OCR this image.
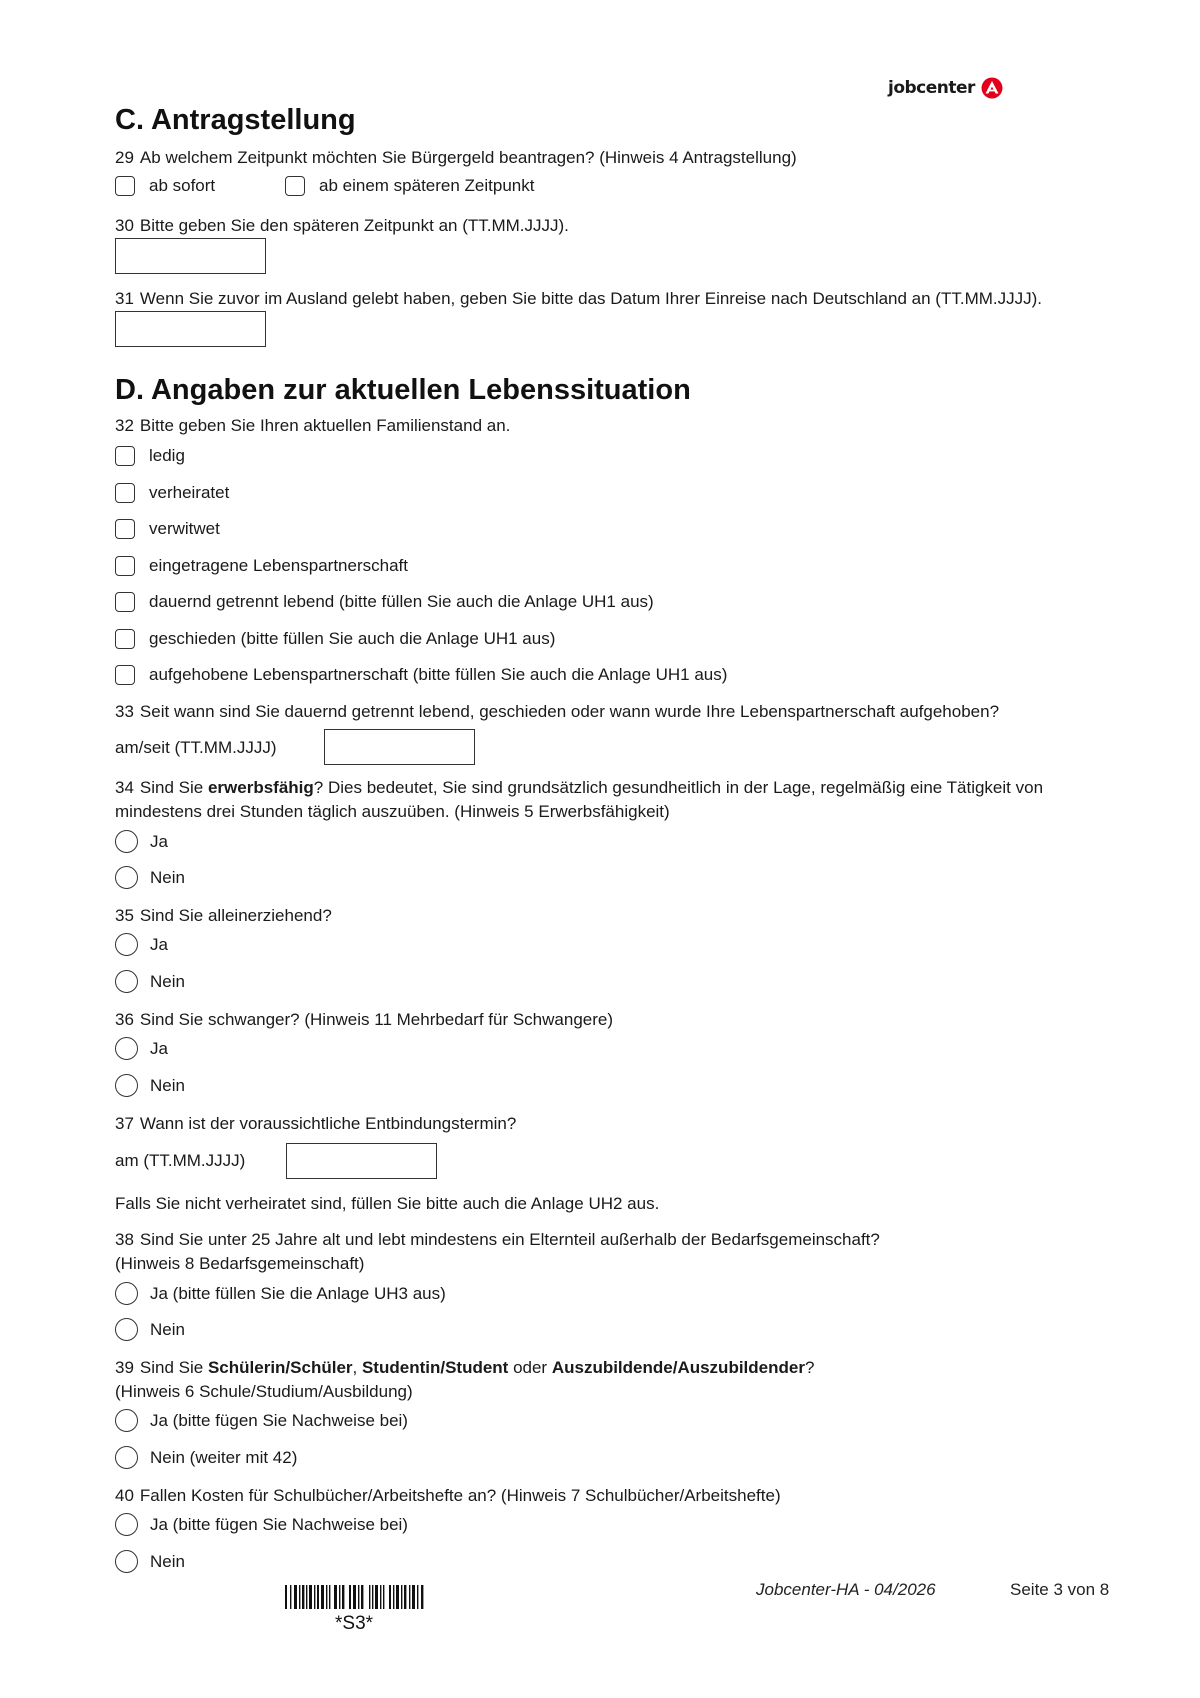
jobcenter
C. Antragstellung
29 Ab welchem Zeitpunkt möchten Sie Bürgergeld beantragen? (Hinweis 4 Antragstellung)
ab sofort	ab einem späteren Zeitpunkt
30 Bitte geben Sie den späteren Zeitpunkt an (TT.MM.JJJJ).
31 Wenn Sie zuvor im Ausland gelebt haben, geben Sie bitte das Datum Ihrer Einreise nach Deutschland an (TT.MM.JJJJ).
D. Angaben zur aktuellen Lebenssituation
32 Bitte geben Sie Ihren aktuellen Familienstand an.
ledig
verheiratet
verwitwet
eingetragene Lebenspartnerschaft
dauernd getrennt lebend (bitte füllen Sie auch die Anlage UH1 aus)
geschieden (bitte füllen Sie auch die Anlage UH1 aus)
aufgehobene Lebenspartnerschaft (bitte füllen Sie auch die Anlage UH1 aus)
33 Seit wann sind Sie dauernd getrennt lebend, geschieden oder wann wurde Ihre Lebenspartnerschaft aufgehoben?
am/seit (TT.MM.JJJJ)
34 Sind Sie erwerbsfähig? Dies bedeutet, Sie sind grundsätzlich gesundheitlich in der Lage, regelmäßig eine Tätigkeit von mindestens drei Stunden täglich auszuüben. (Hinweis 5 Erwerbsfähigkeit)
Ja
Nein
35 Sind Sie alleinerziehend?
Ja
Nein
36 Sind Sie schwanger? (Hinweis 11 Mehrbedarf für Schwangere)
Ja
Nein
37 Wann ist der voraussichtliche Entbindungstermin?
am (TT.MM.JJJJ)
Falls Sie nicht verheiratet sind, füllen Sie bitte auch die Anlage UH2 aus.
38 Sind Sie unter 25 Jahre alt und lebt mindestens ein Elternteil außerhalb der Bedarfsgemeinschaft?
(Hinweis 8 Bedarfsgemeinschaft)
Ja (bitte füllen Sie die Anlage UH3 aus)
Nein
39 Sind Sie Schülerin/Schüler, Studentin/Student oder Auszubildende/Auszubildender?
(Hinweis 6 Schule/Studium/Ausbildung)
Ja (bitte fügen Sie Nachweise bei)
Nein (weiter mit 42)
40 Fallen Kosten für Schulbücher/Arbeitshefte an? (Hinweis 7 Schulbücher/Arbeitshefte)
Ja (bitte fügen Sie Nachweise bei)
Nein
*S3*
Jobcenter-HA - 04/2026	Seite 3 von 8
